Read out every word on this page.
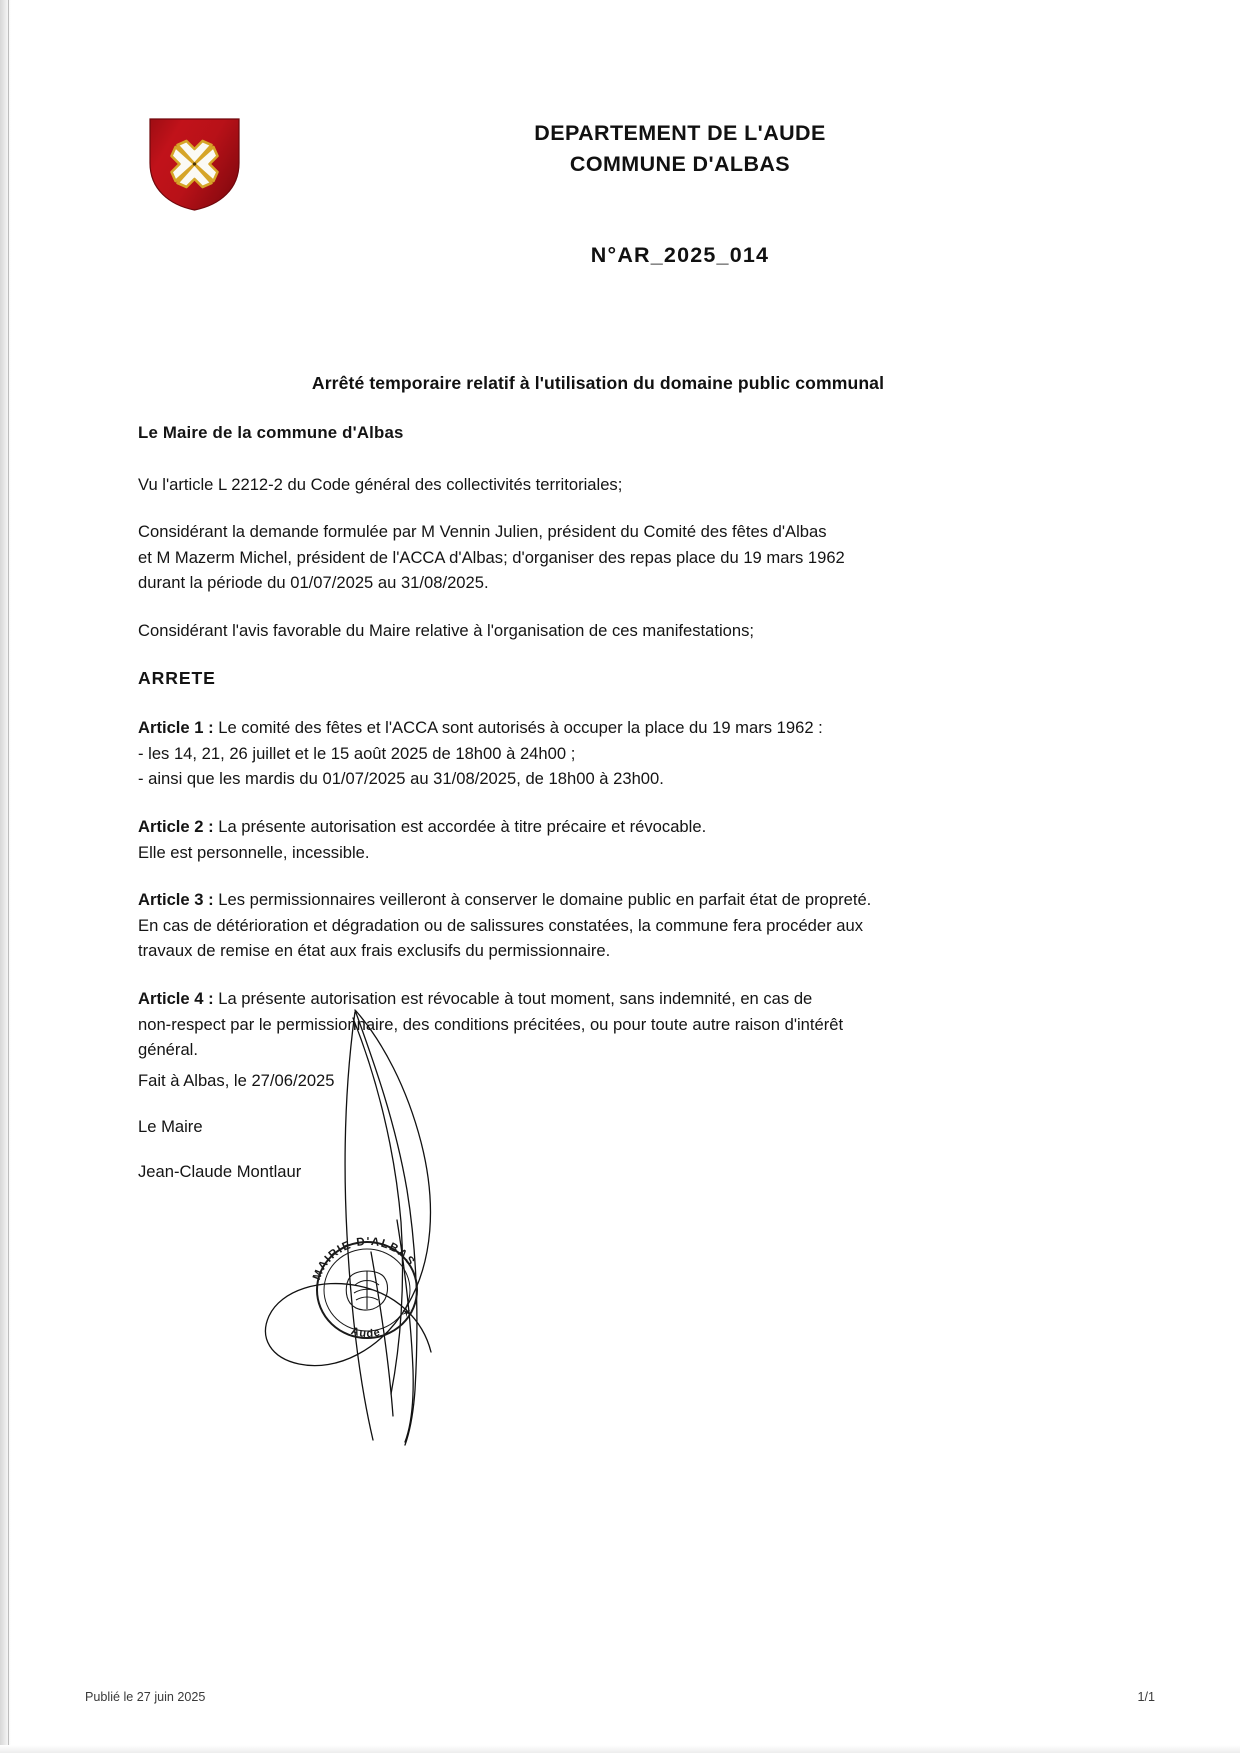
DEPARTEMENT DE L'AUDE
COMMUNE D'ALBAS
N°AR_2025_014
Arrêté temporaire relatif à l'utilisation du domaine public communal

Le Maire de la commune d'Albas

Vu l'article L 2212-2 du Code général des collectivités territoriales;

Considérant la demande formulée par M Vennin Julien, président du Comité des fêtes d'Albas
et M Mazerm Michel, président de l'ACCA d'Albas; d'organiser des repas place du 19 mars 1962
durant la période du 01/07/2025 au 31/08/2025.

Considérant l'avis favorable du Maire relative à l'organisation de ces manifestations;

ARRETE

Article 1 : Le comité des fêtes et l'ACCA sont autorisés à occuper la place du 19 mars 1962 :
- les 14, 21, 26 juillet et le 15 août 2025 de 18h00 à 24h00 ;
- ainsi que les mardis du 01/07/2025 au 31/08/2025, de 18h00 à 23h00.

Article 2 : La présente autorisation est accordée à titre précaire et révocable.
Elle est personnelle, incessible.

Article 3 : Les permissionnaires veilleront à conserver le domaine public en parfait état de propreté.
En cas de détérioration et dégradation ou de salissures constatées, la commune fera procéder aux
travaux de remise en état aux frais exclusifs du permissionnaire.

Article 4 : La présente autorisation est révocable à tout moment, sans indemnité, en cas de
non-respect par le permissionnaire, des conditions précitées, ou pour toute autre raison d'intérêt
général.

Fait à Albas, le 27/06/2025

Le Maire

Jean-Claude Montlaur

MAIRIE D'ALBAS
Aude
✶
Publié le 27 juin 2025	1/1
